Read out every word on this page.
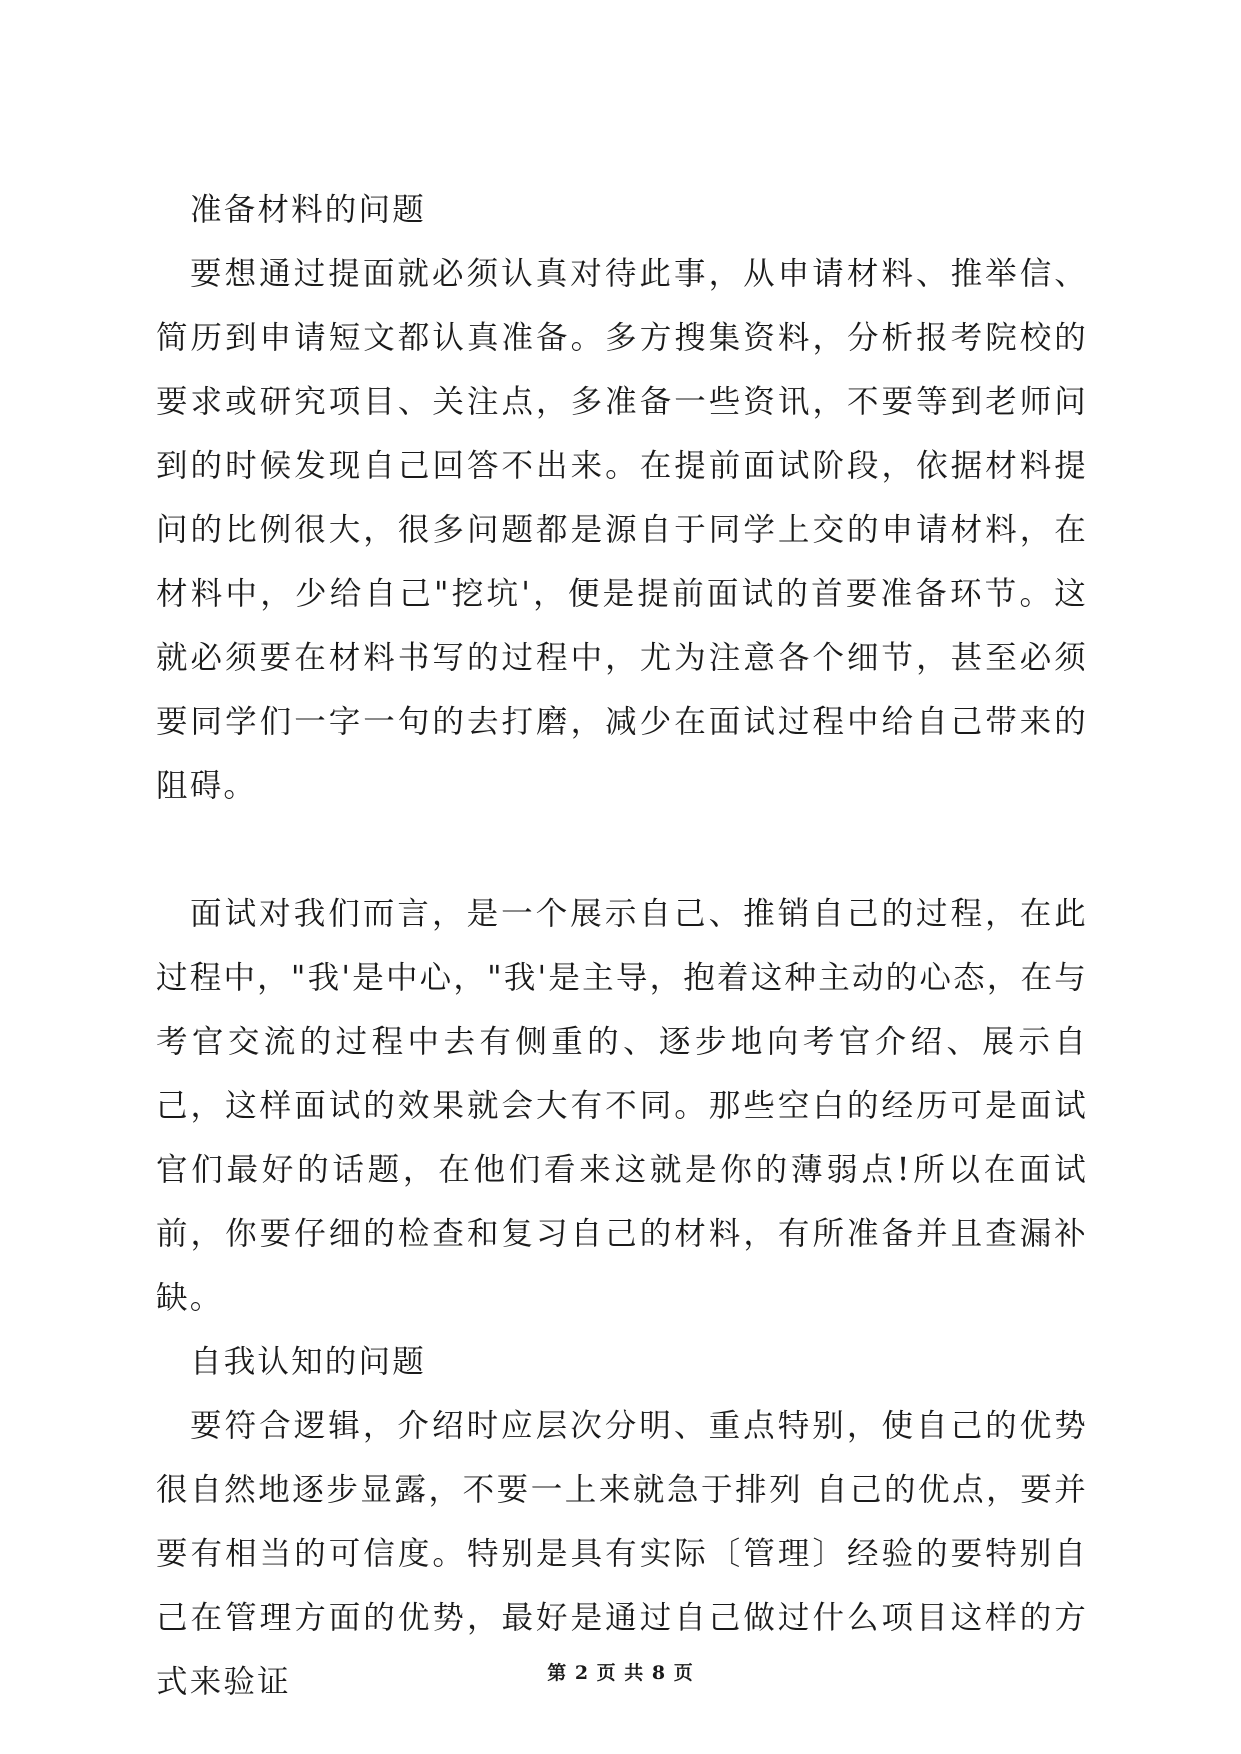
准备材料的问题

要想通过提面就必须认真对待此事，从申请材料、推举信、简历到申请短文都认真准备。多方搜集资料，分析报考院校的要求或研究项目、关注点，多准备一些资讯，不要等到老师问到的时候发现自己回答不出来。在提前面试阶段，依据材料提问的比例很大，很多问题都是源自于同学上交的申请材料，在材料中，少给自己"挖坑'，便是提前面试的首要准备环节。这就必须要在材料书写的过程中，尤为注意各个细节，甚至必须要同学们一字一句的去打磨，减少在面试过程中给自己带来的阻碍。

面试对我们而言，是一个展示自己、推销自己的过程，在此过程中，"我'是中心，"我'是主导，抱着这种主动的心态，在与考官交流的过程中去有侧重的、逐步地向考官介绍、展示自己，这样面试的效果就会大有不同。那些空白的经历可是面试官们最好的话题，在他们看来这就是你的薄弱点!所以在面试前，你要仔细的检查和复习自己的材料，有所准备并且查漏补缺。

自我认知的问题

要符合逻辑，介绍时应层次分明、重点特别，使自己的优势很自然地逐步显露，不要一上来就急于排列 自己的优点，要并要有相当的可信度。特别是具有实际〔管理〕经验的要特别自己在管理方面的优势，最好是通过自己做过什么项目这样的方式来验证	第 2 页 共 8 页
